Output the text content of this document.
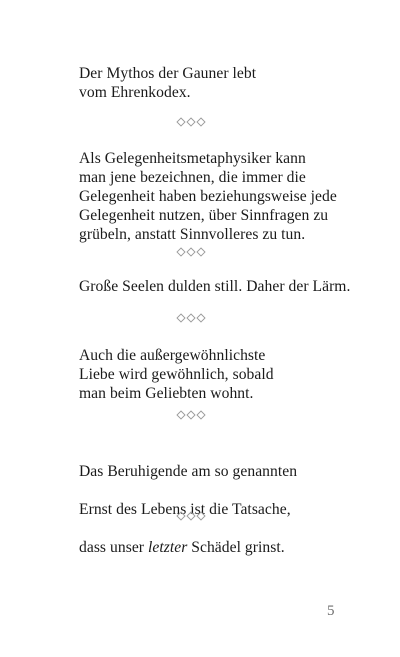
Der Mythos der Gauner lebt
vom Ehrenkodex.

Als Gelegenheitsmetaphysiker kann
man jene bezeichnen, die immer die
Gelegenheit haben beziehungsweise jede
Gelegenheit nutzen, über Sinnfragen zu
grübeln, anstatt Sinnvolleres zu tun.

Große Seelen dulden still. Daher der Lärm.

Auch die außergewöhnlichste
Liebe wird gewöhnlich, sobald
man beim Geliebten wohnt.

Das Beruhigende am so genannten

Ernst des Lebens ist die Tatsache,

dass unser letzter Schädel grinst.

5
